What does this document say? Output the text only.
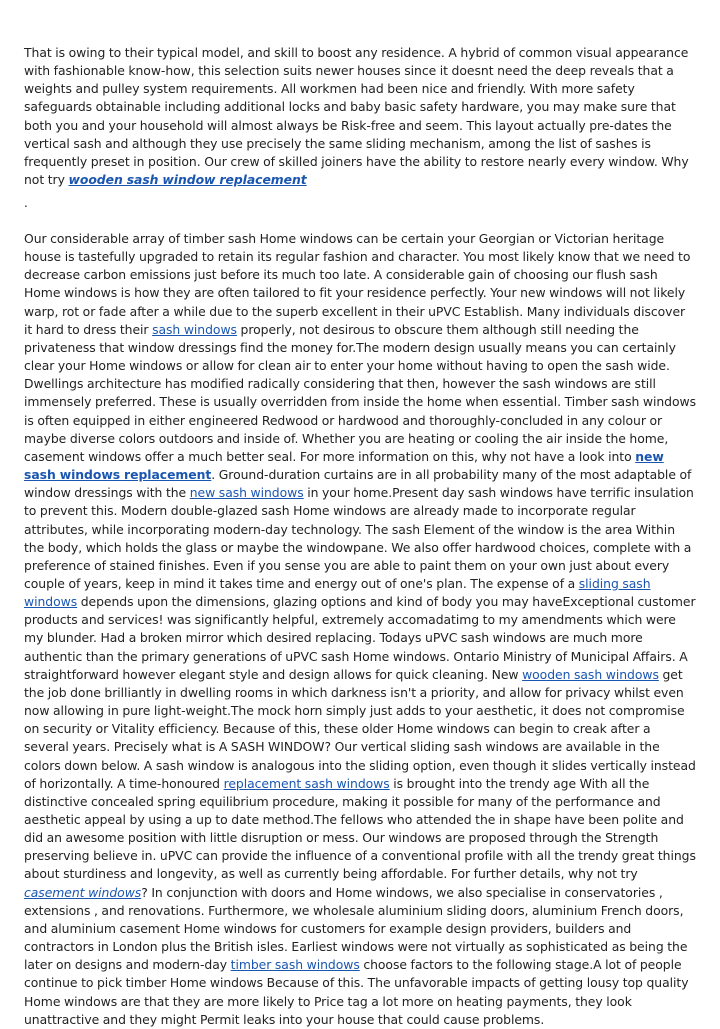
That is owing to their typical model, and skill to boost any residence. A hybrid of common visual appearance with fashionable know-how, this selection suits newer houses since it doesnt need the deep reveals that a weights and pulley system requirements. All workmen had been nice and friendly. With more safety safeguards obtainable including additional locks and baby basic safety hardware, you may make sure that both you and your household will almost always be Risk-free and seem. This layout actually pre-dates the vertical sash and although they use precisely the same sliding mechanism, among the list of sashes is frequently preset in position. Our crew of skilled joiners have the ability to restore nearly every window. Why not try wooden sash window replacement

.

Our considerable array of timber sash Home windows can be certain your Georgian or Victorian heritage house is tastefully upgraded to retain its regular fashion and character. You most likely know that we need to decrease carbon emissions just before its much too late. A considerable gain of choosing our flush sash Home windows is how they are often tailored to fit your residence perfectly. Your new windows will not likely warp, rot or fade after a while due to the superb excellent in their uPVC Establish. Many individuals discover it hard to dress their sash windows properly, not desirous to obscure them although still needing the privateness that window dressings find the money for.The modern design usually means you can certainly clear your Home windows or allow for clean air to enter your home without having to open the sash wide. Dwellings architecture has modified radically considering that then, however the sash windows are still immensely preferred. These is usually overridden from inside the home when essential. Timber sash windows is often equipped in either engineered Redwood or hardwood and thoroughly-concluded in any colour or maybe diverse colors outdoors and inside of. Whether you are heating or cooling the air inside the home, casement windows offer a much better seal. For more information on this, why not have a look into new sash windows replacement. Ground-duration curtains are in all probability many of the most adaptable of window dressings with the new sash windows in your home.Present day sash windows have terrific insulation to prevent this. Modern double-glazed sash Home windows are already made to incorporate regular attributes, while incorporating modern-day technology. The sash Element of the window is the area Within the body, which holds the glass or maybe the windowpane. We also offer hardwood choices, complete with a preference of stained finishes. Even if you sense you are able to paint them on your own just about every couple of years, keep in mind it takes time and energy out of one's plan. The expense of a sliding sash windows depends upon the dimensions, glazing options and kind of body you may haveExceptional customer products and services! was significantly helpful, extremely accomadatimg to my amendments which were my blunder. Had a broken mirror which desired replacing. Todays uPVC sash windows are much more authentic than the primary generations of uPVC sash Home windows. Ontario Ministry of Municipal Affairs. A straightforward however elegant style and design allows for quick cleaning. New wooden sash windows get the job done brilliantly in dwelling rooms in which darkness isn't a priority, and allow for privacy whilst even now allowing in pure light-weight.The mock horn simply just adds to your aesthetic, it does not compromise on security or Vitality efficiency. Because of this, these older Home windows can begin to creak after a several years. Precisely what is A SASH WINDOW? Our vertical sliding sash windows are available in the colors down below. A sash window is analogous into the sliding option, even though it slides vertically instead of horizontally. A time-honoured replacement sash windows is brought into the trendy age With all the distinctive concealed spring equilibrium procedure, making it possible for many of the performance and aesthetic appeal by using a up to date method.The fellows who attended the in shape have been polite and did an awesome position with little disruption or mess. Our windows are proposed through the Strength preserving believe in. uPVC can provide the influence of a conventional profile with all the trendy great things about sturdiness and longevity, as well as currently being affordable. For further details, why not try casement windows? In conjunction with doors and Home windows, we also specialise in conservatories , extensions , and renovations. Furthermore, we wholesale aluminium sliding doors, aluminium French doors, and aluminium casement Home windows for customers for example design providers, builders and contractors in London plus the British isles. Earliest windows were not virtually as sophisticated as being the later on designs and modern-day timber sash windows choose factors to the following stage.A lot of people continue to pick timber Home windows Because of this. The unfavorable impacts of getting lousy top quality Home windows are that they are more likely to Price tag a lot more on heating payments, they look unattractive and they might Permit leaks into your house that could cause problems.
